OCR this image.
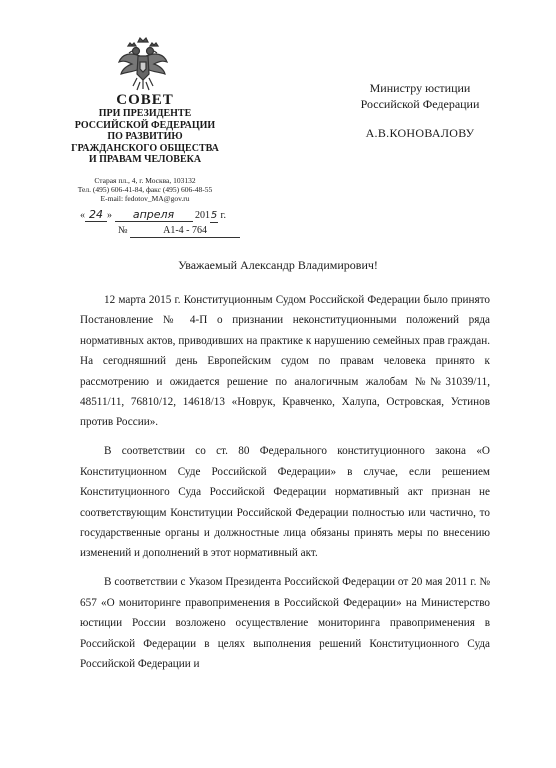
СОВЕТ

ПРИ ПРЕЗИДЕНТЕ

РОССИЙСКОЙ ФЕДЕРАЦИИ

ПО РАЗВИТИЮ

ГРАЖДАНСКОГО ОБЩЕСТВА

И ПРАВАМ ЧЕЛОВЕКА

Старая пл., 4, г. Москва, 103132
Тел. (495) 606-41-84, факс (495) 606-48-55
E-mail: fedotov_MA@gov.ru
« 24 » апреля 2015 г.
№	А1-4 - 764
Министру юстиции
Российской Федерации
А.В.КОНОВАЛОВУ
Уважаемый Александр Владимирович!

12 марта 2015 г. Конституционным Судом Российской Федерации было принято Постановление № 4-П о признании неконституционными положений ряда нормативных актов, приводивших на практике к нарушению семейных прав граждан. На сегодняшний день Европейским судом по правам человека принято к рассмотрению и ожидается решение по аналогичным жалобам №№31039/11, 48511/11, 76810/12, 14618/13 «Новрук, Кравченко, Халупа, Островская, Устинов против России».

В соответствии со ст. 80 Федерального конституционного закона «О Конституционном Суде Российской Федерации» в случае, если решением Конституционного Суда Российской Федерации нормативный акт признан не соответствующим Конституции Российской Федерации полностью или частично, то государственные органы и должностные лица обязаны принять меры по внесению изменений и дополнений в этот нормативный акт.

В соответствии с Указом Президента Российской Федерации от 20 мая 2011 г. № 657 «О мониторинге правоприменения в Российской Федерации» на Министерство юстиции России возложено осуществление мониторинга правоприменения в Российской Федерации в целях выполнения решений Конституционного Суда Российской Федерации и
